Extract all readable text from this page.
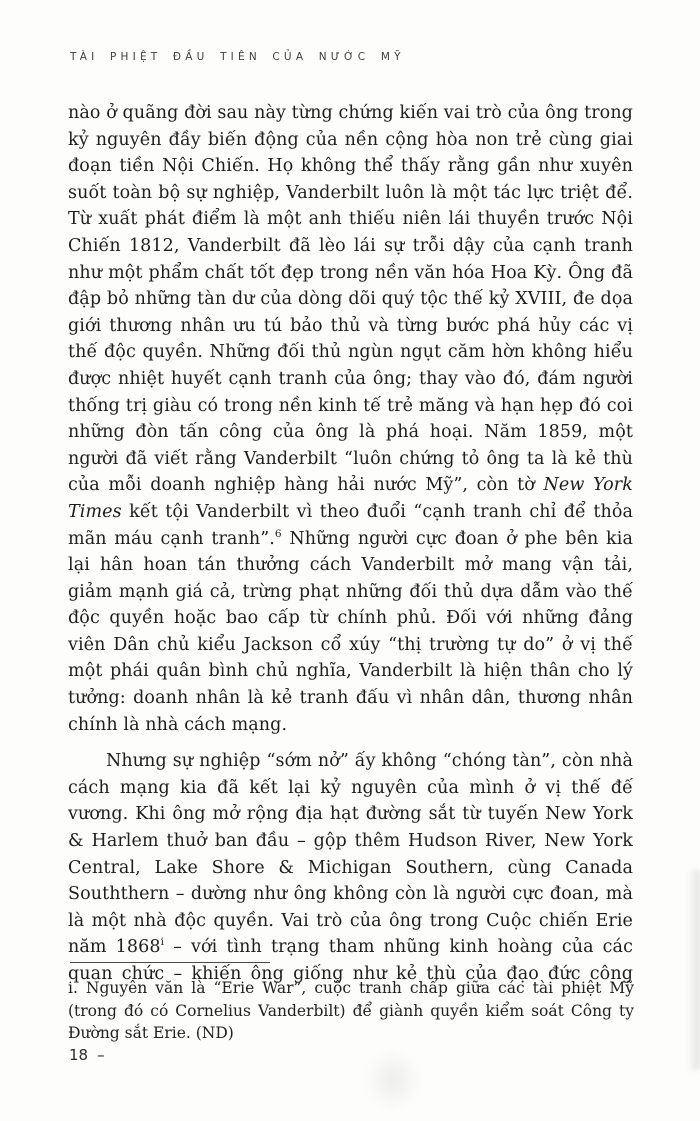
TÀI PHIỆT ĐẦU TIÊN CỦA NƯỚC MỸ

nào ở quãng đời sau này từng chứng kiến vai trò của ông trong kỷ nguyên đầy biến động của nền cộng hòa non trẻ cùng giai đoạn tiền Nội Chiến. Họ không thể thấy rằng gần như xuyên suốt toàn bộ sự nghiệp, Vanderbilt luôn là một tác lực triệt để. Từ xuất phát điểm là một anh thiếu niên lái thuyền trước Nội Chiến 1812, Vanderbilt đã lèo lái sự trỗi dậy của cạnh tranh như một phẩm chất tốt đẹp trong nền văn hóa Hoa Kỳ. Ông đã đập bỏ những tàn dư của dòng dõi quý tộc thế kỷ XVIII, đe dọa giới thương nhân ưu tú bảo thủ và từng bước phá hủy các vị thế độc quyền. Những đối thủ ngùn ngụt căm hờn không hiểu được nhiệt huyết cạnh tranh của ông; thay vào đó, đám người thống trị giàu có trong nền kinh tế trẻ măng và hạn hẹp đó coi những đòn tấn công của ông là phá hoại. Năm 1859, một người đã viết rằng Vanderbilt “luôn chứng tỏ ông ta là kẻ thù của mỗi doanh nghiệp hàng hải nước Mỹ”, còn tờ New York Times kết tội Vanderbilt vì theo đuổi “cạnh tranh chỉ để thỏa mãn máu cạnh tranh”.$^6$ Những người cực đoan ở phe bên kia lại hân hoan tán thưởng cách Vanderbilt mở mang vận tải, giảm mạnh giá cả, trừng phạt những đối thủ dựa dẫm vào thế độc quyền hoặc bao cấp từ chính phủ. Đối với những đảng viên Dân chủ kiểu Jackson cổ xúy “thị trường tự do” ở vị thế một phái quân bình chủ nghĩa, Vanderbilt là hiện thân cho lý tưởng: doanh nhân là kẻ tranh đấu vì nhân dân, thương nhân chính là nhà cách mạng.

Nhưng sự nghiệp “sớm nở” ấy không “chóng tàn”, còn nhà cách mạng kia đã kết lại kỷ nguyên của mình ở vị thế đế vương. Khi ông mở rộng địa hạt đường sắt từ tuyến New York & Harlem thuở ban đầu – gộp thêm Hudson River, New York Central, Lake Shore & Michigan Southern, cùng Canada Souththern – dường như ông không còn là người cực đoan, mà là một nhà độc quyền. Vai trò của ông trong Cuộc chiến Erie năm 1868$^i$ – với tình trạng tham nhũng kinh hoàng của các quan chức – khiến ông giống như kẻ thù của đạo đức công

i. Nguyên văn là “Erie War”, cuộc tranh chấp giữa các tài phiệt Mỹ (trong đó có Cornelius Vanderbilt) để giành quyền kiểm soát Công ty Đường sắt Erie. (ND)
18 –
